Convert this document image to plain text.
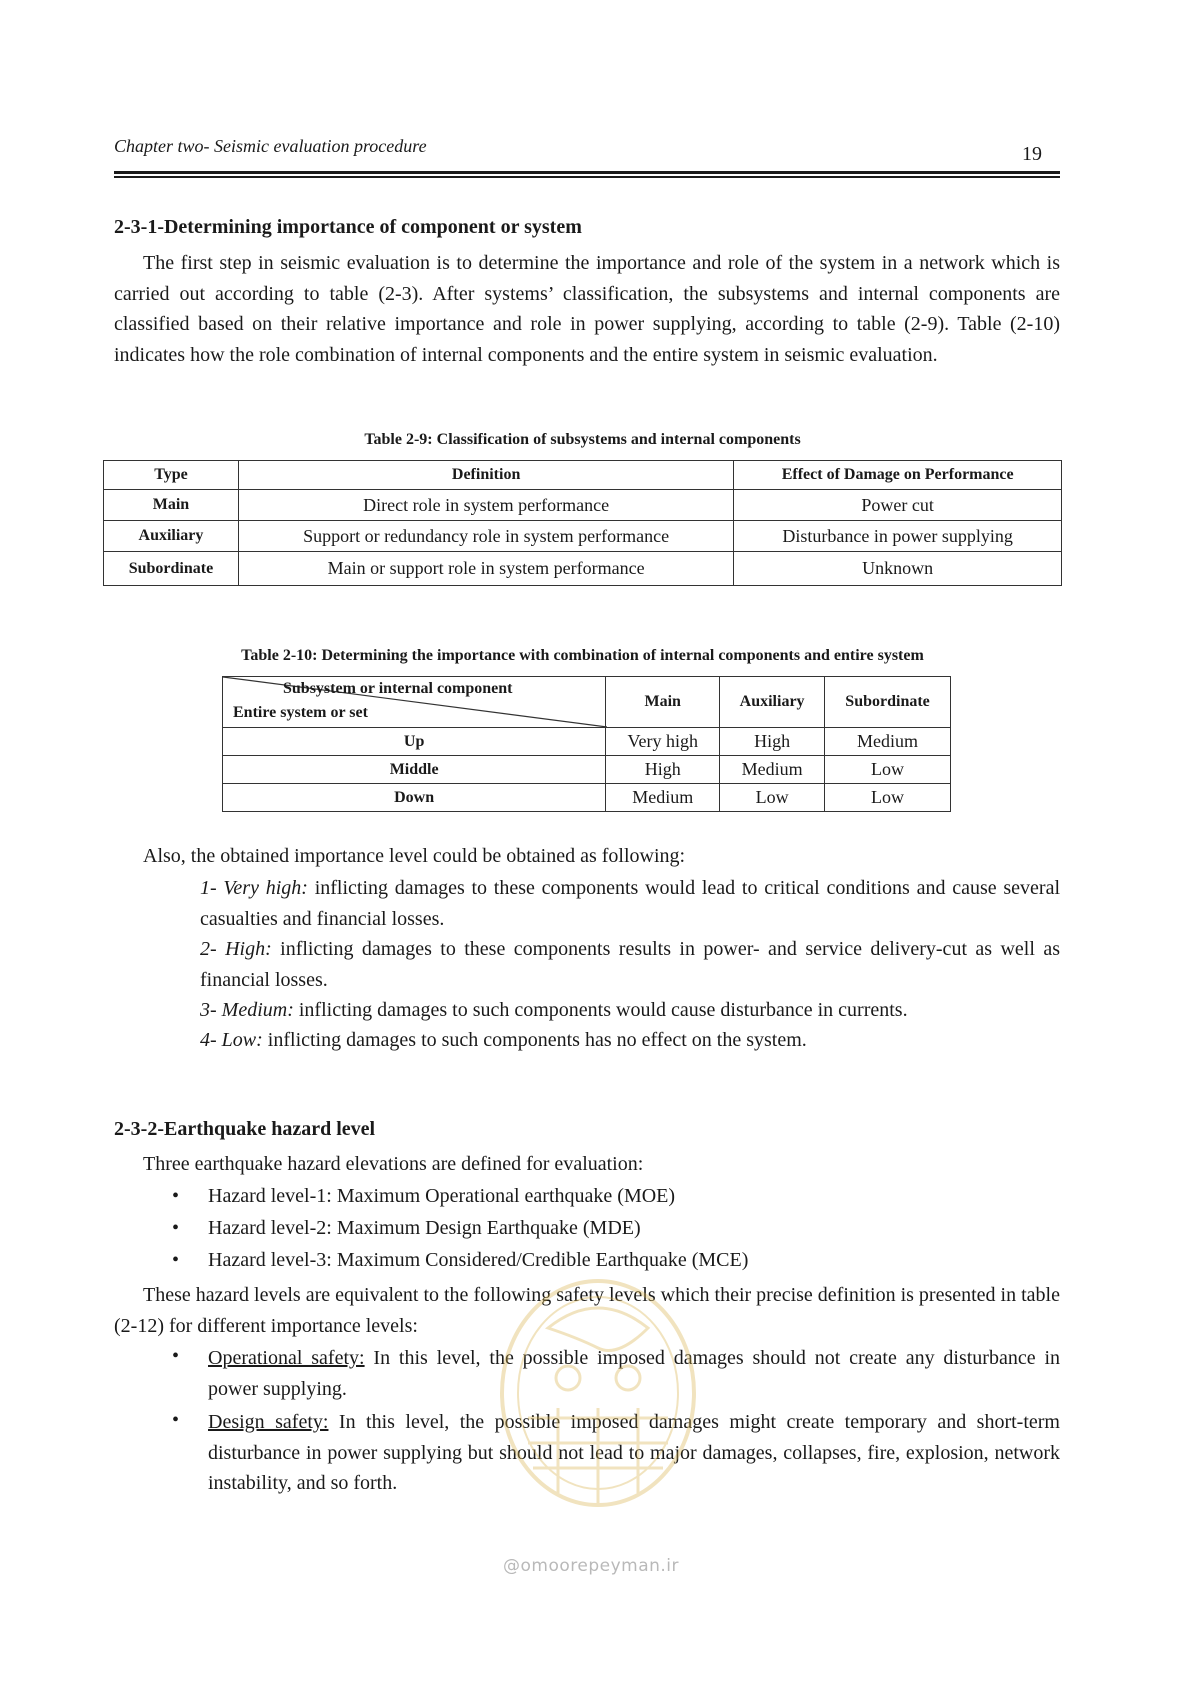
Chapter two- Seismic evaluation procedure	19
2-3-1-Determining importance of component or system

The first step in seismic evaluation is to determine the importance and role of the system in a network which is carried out according to table (2-3). After systems’ classification, the subsystems and internal components are classified based on their relative importance and role in power supplying, according to table (2-9). Table (2-10) indicates how the role combination of internal components and the entire system in seismic evaluation.

Table 2-9: Classification of subsystems and internal components
Type	Definition	Effect of Damage on Performance
Main	Direct role in system performance	Power cut
Auxiliary	Support or redundancy role in system performance	Disturbance in power supplying
Subordinate	Main or support role in system performance	Unknown
Table 2-10: Determining the importance with combination of internal components and entire system
Subsystem or internal component
Entire system or set	Main	Auxiliary	Subordinate
Up	Very high	High	Medium
Middle	High	Medium	Low
Down	Medium	Low	Low
Also, the obtained importance level could be obtained as following:

1- Very high: inflicting damages to these components would lead to critical conditions and cause several casualties and financial losses.

2- High: inflicting damages to these components results in power- and service delivery-cut as well as financial losses.

3- Medium: inflicting damages to such components would cause disturbance in currents.

4- Low: inflicting damages to such components has no effect on the system.

2-3-2-Earthquake hazard level
Three earthquake hazard elevations are defined for evaluation:
• Hazard level-1: Maximum Operational earthquake (MOE)
• Hazard level-2: Maximum Design Earthquake (MDE)
• Hazard level-3: Maximum Considered/Credible Earthquake (MCE)

These hazard levels are equivalent to the following safety levels which their precise definition is presented in table (2-12) for different importance levels:

• Operational safety: In this level, the possible imposed damages should not create any disturbance in power supplying.

• Design safety: In this level, the possible imposed damages might create temporary and short-term disturbance in power supplying but should not lead to major damages, collapses, fire, explosion, network instability, and so forth.

@omoorepeyman.ir
